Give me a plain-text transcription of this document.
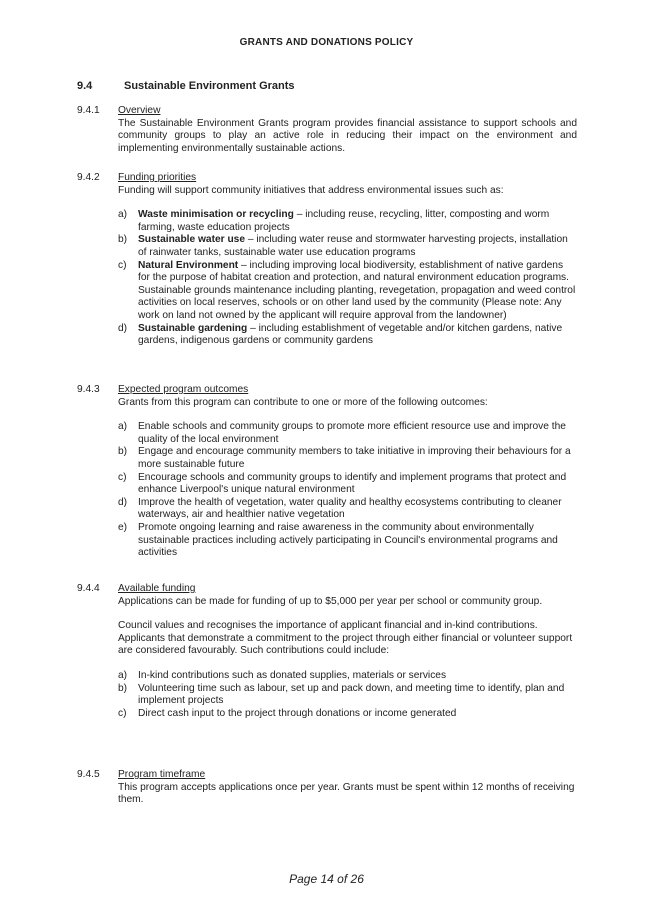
GRANTS AND DONATIONS POLICY
9.4	Sustainable Environment Grants
9.4.1 Overview

The Sustainable Environment Grants program provides financial assistance to support schools and community groups to play an active role in reducing their impact on the environment and implementing environmentally sustainable actions.

9.4.2 Funding priorities

Funding will support community initiatives that address environmental issues such as:

a) Waste minimisation or recycling – including reuse, recycling, litter, composting and worm farming, waste education projects
b) Sustainable water use – including water reuse and stormwater harvesting projects, installation of rainwater tanks, sustainable water use education programs
c) Natural Environment – including improving local biodiversity, establishment of native gardens for the purpose of habitat creation and protection, and natural environment education programs. Sustainable grounds maintenance including planting, revegetation, propagation and weed control activities on local reserves, schools or on other land used by the community (Please note: Any work on land not owned by the applicant will require approval from the landowner)
d) Sustainable gardening – including establishment of vegetable and/or kitchen gardens, native gardens, indigenous gardens or community gardens
9.4.3 Expected program outcomes

Grants from this program can contribute to one or more of the following outcomes:

a) Enable schools and community groups to promote more efficient resource use and improve the quality of the local environment
b) Engage and encourage community members to take initiative in improving their behaviours for a more sustainable future
c) Encourage schools and community groups to identify and implement programs that protect and enhance Liverpool's unique natural environment
d) Improve the health of vegetation, water quality and healthy ecosystems contributing to cleaner waterways, air and healthier native vegetation
e) Promote ongoing learning and raise awareness in the community about environmentally sustainable practices including actively participating in Council's environmental programs and activities
9.4.4 Available funding

Applications can be made for funding of up to $5,000 per year per school or community group.

Council values and recognises the importance of applicant financial and in-kind contributions. Applicants that demonstrate a commitment to the project through either financial or volunteer support are considered favourably. Such contributions could include:

a) In-kind contributions such as donated supplies, materials or services
b) Volunteering time such as labour, set up and pack down, and meeting time to identify, plan and implement projects
c) Direct cash input to the project through donations or income generated
9.4.5 Program timeframe

This program accepts applications once per year. Grants must be spent within 12 months of receiving them.

Page 14 of 26
